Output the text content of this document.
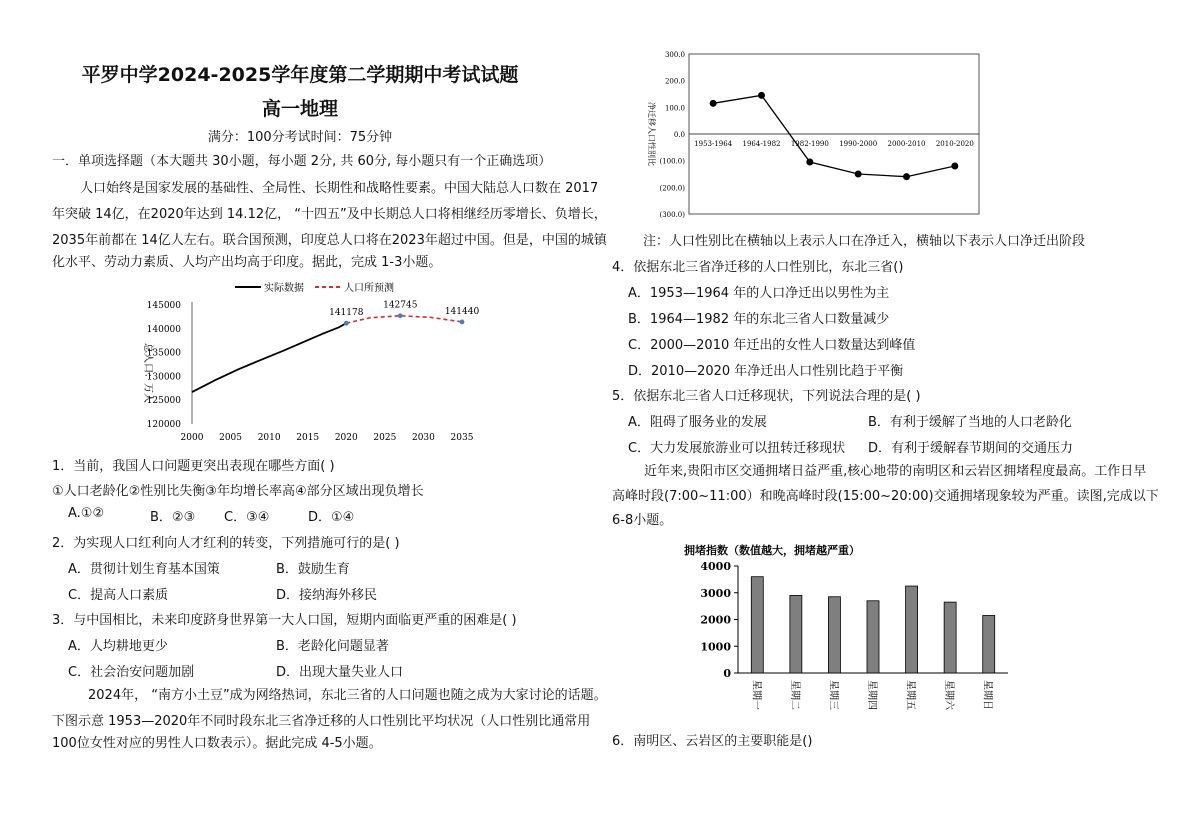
平罗中学2024-2025学年度第二学期期中考试试题
高一地理
满分：100分考试时间：75分钟
一．单项选择题（本大题共 30小题，每小题 2分, 共 60分, 每小题只有一个正确选项）
人口始终是国家发展的基础性、全局性、长期性和战略性要素。中国大陆总人口数在 2017
年突破 14亿，在2020年达到 14.12亿， “十四五”及中长期总人口将相继经历零增长、负增长，
2035年前都在 14亿人左右。联合国预测，印度总人口将在2023年超过中国。但是，中国的城镇
化水平、劳动力素质、人均产出均高于印度。据此，完成 1-3小题。
实际数据	人口所预测
总人口：万人
120000
125000
130000
135000
140000
145000
2000 2005 2010 2015 2020 2025 2030 2035
141178
142745
141440
1．当前，我国人口问题更突出表现在哪些方面( )
①人口老龄化②性别比失衡③年均增长率高④部分区域出现负增长
A.①②	B．②③ C．③④	D．①④
2．为实现人口红利向人才红利的转变，下列措施可行的是( )
A．贯彻计划生育基本国策	B．鼓励生育
C．提高人口素质	D．接纳海外移民
3．与中国相比，未来印度跻身世界第一大人口国，短期内面临更严重的困难是( )
A．人均耕地更少	B．老龄化问题显著
C．社会治安问题加剧	D．出现大量失业人口
2024年， “南方小土豆”成为网络热词，东北三省的人口问题也随之成为大家讨论的话题。
下图示意 1953—2020年不同时段东北三省净迁移的人口性别比平均状况（人口性别比通常用
100位女性对应的男性人口数表示）。据此完成 4-5小题。
净迁移人口性别比
300.0
200.0
100.0
0.0
(100.0)
(200.0)
(300.0)
1953-1964 1964-1982 1982-1990 1990-2000 2000-2010 2010-2020
注：人口性别比在横轴以上表示人口在净迁入，横轴以下表示人口净迁出阶段
4．依据东北三省净迁移的人口性别比，东北三省()
A．1953—1964 年的人口净迁出以男性为主
B．1964—1982 年的东北三省人口数量减少
C．2000—2010 年迁出的女性人口数量达到峰值
D．2010—2020 年净迁出人口性别比趋于平衡
5．依据东北三省人口迁移现状，下列说法合理的是( )
A．阻碍了服务业的发展	B．有利于缓解了当地的人口老龄化
C．大力发展旅游业可以扭转迁移现状 D．有利于缓解春节期间的交通压力
近年来,贵阳市区交通拥堵日益严重,核心地带的南明区和云岩区拥堵程度最高。工作日早
高峰时段(7:00~11:00）和晚高峰时段(15:00~20:00)交通拥堵现象较为严重。读图,完成以下
6-8小题。
拥堵指数（数值越大，拥堵越严重）
0
1000
2000
3000
4000
星期一	星期二	星期三	星期四	星期五	星期六	星期日
6．南明区、云岩区的主要职能是()
